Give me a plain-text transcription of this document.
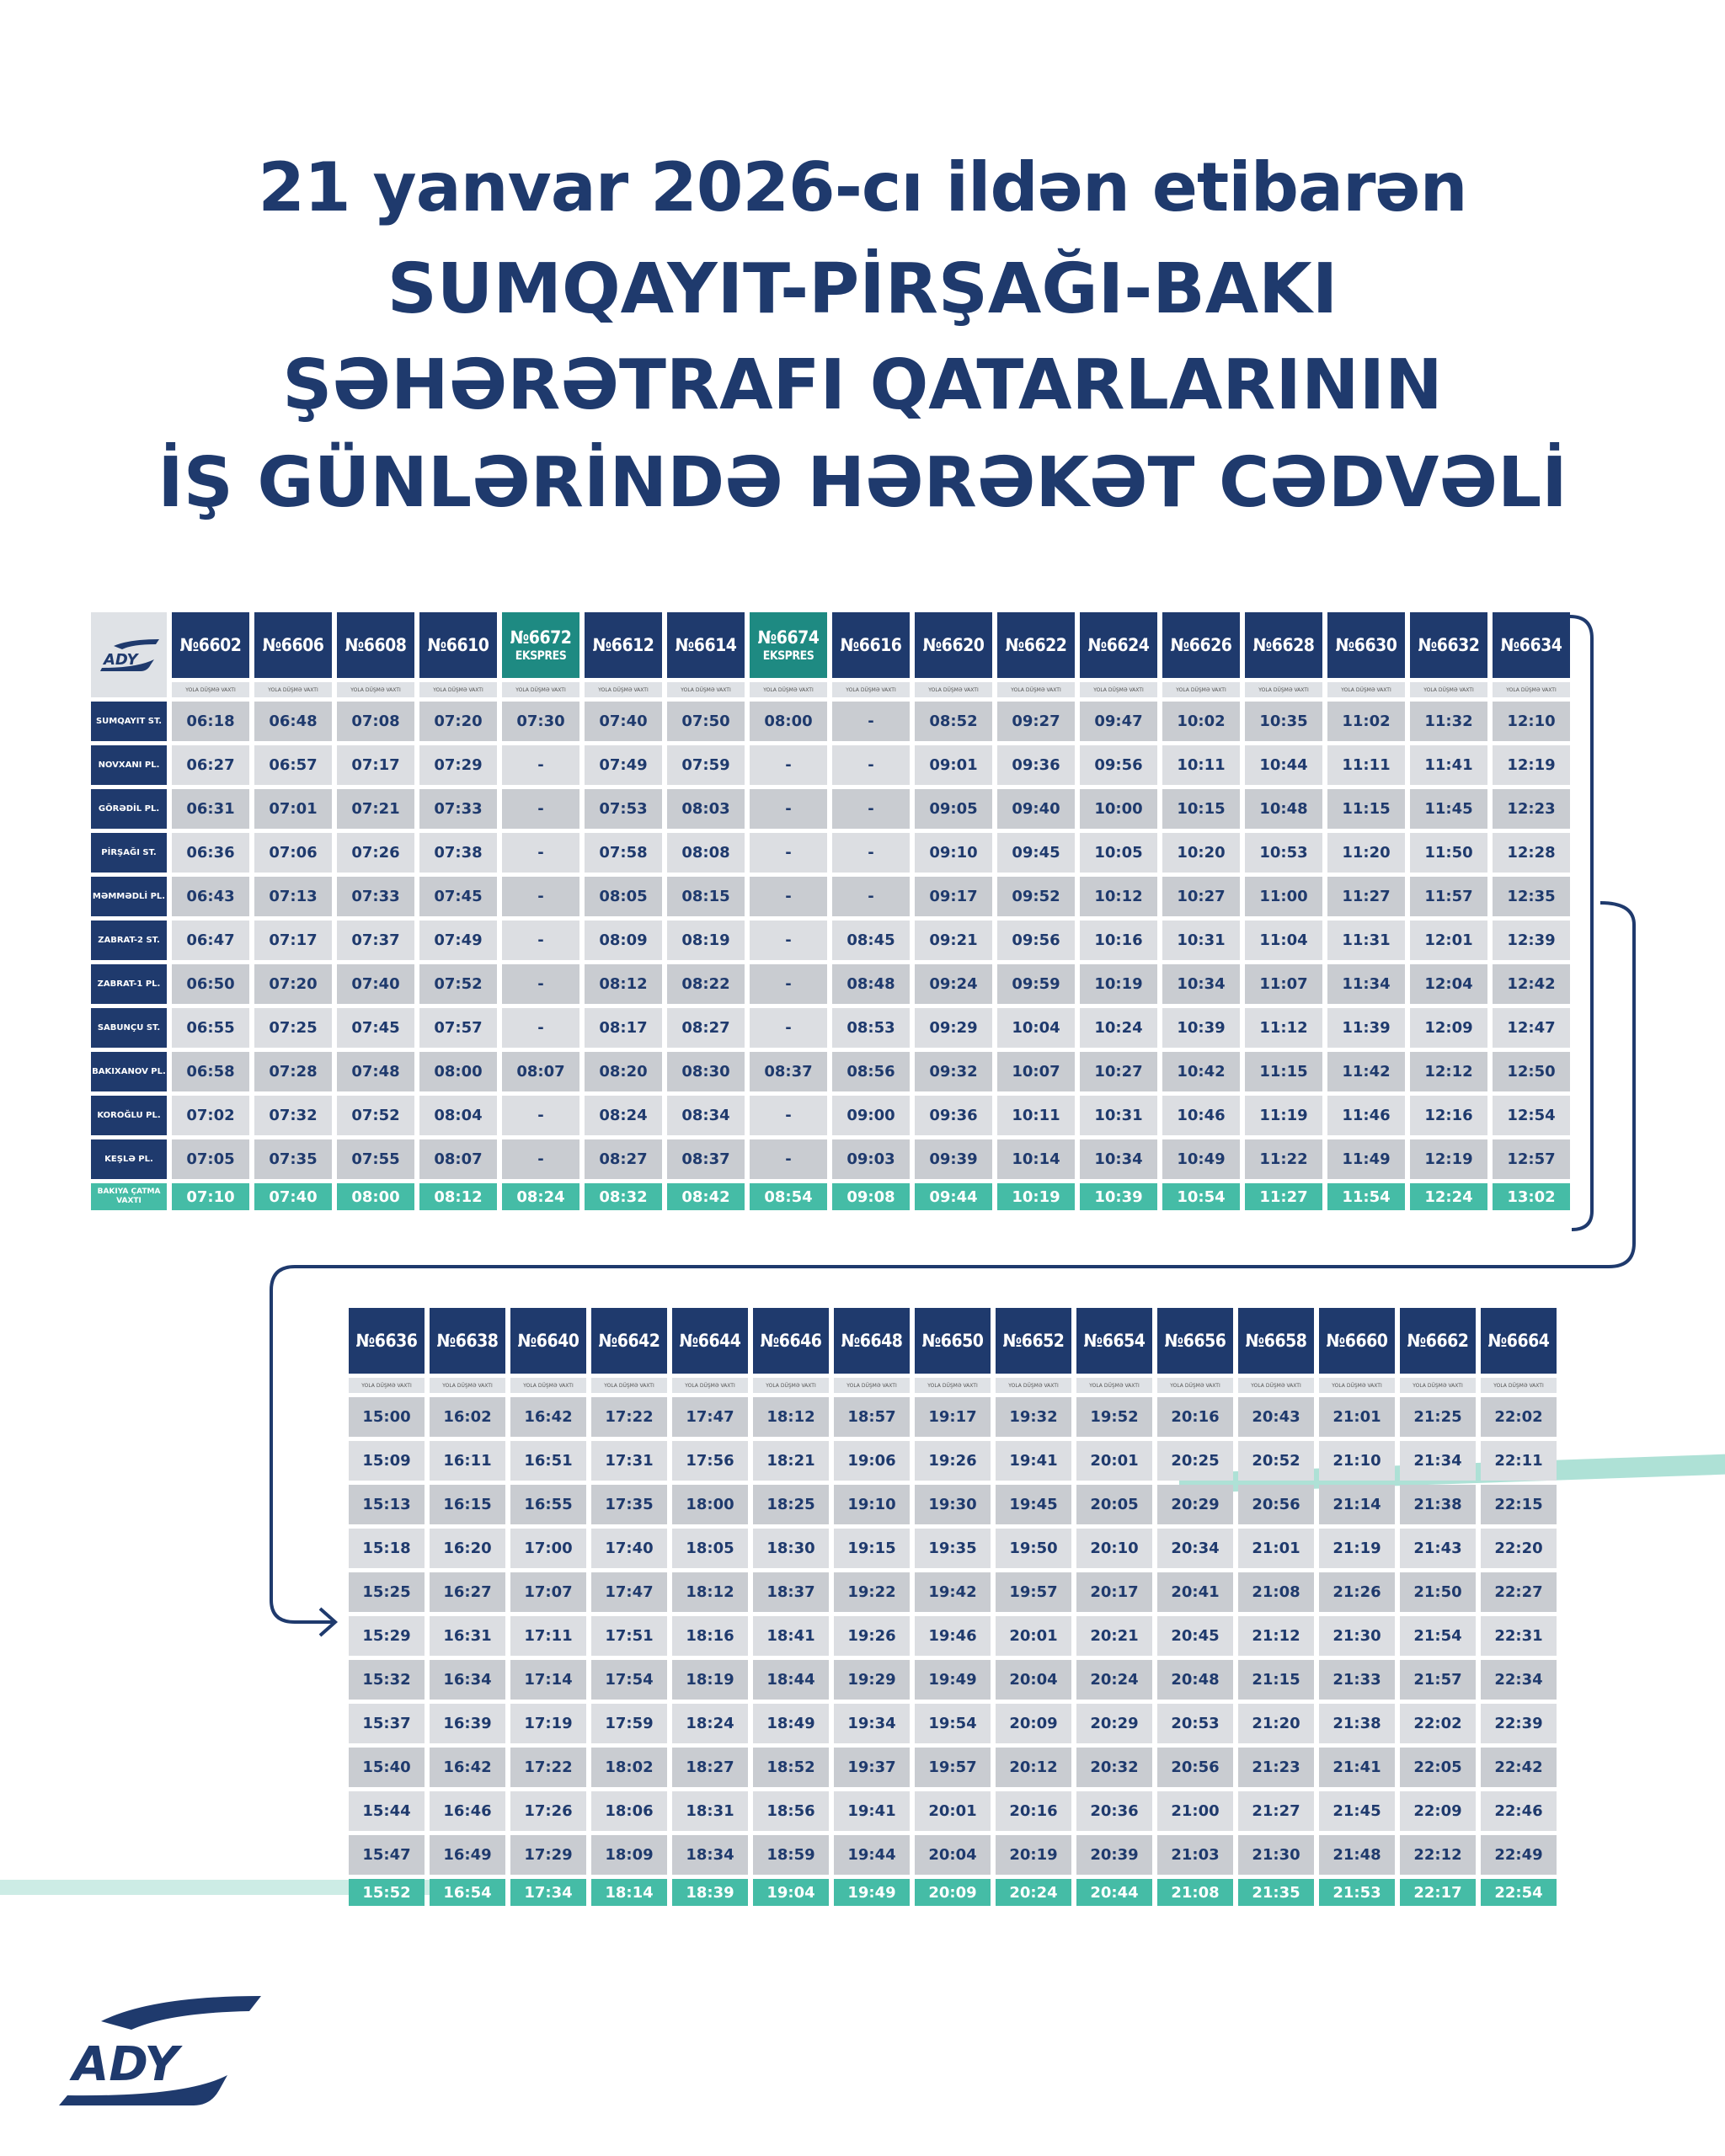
21 yanvar 2026-cı ildən etibarən
SUMQAYIT-PİRŞAĞI-BAKI
ŞƏHƏRƏTRAFI QATARLARININ
İŞ GÜNLƏRİNDƏ HƏRƏKƏT CƏDVƏLİ
ADY	№6602	№6606	№6608	№6610	№6672
EKSPRES	№6612	№6614	№6674
EKSPRES	№6616	№6620	№6622	№6624	№6626	№6628	№6630	№6632	№6634

	YOLA DÜŞMƏ VAXTI	YOLA DÜŞMƏ VAXTI	YOLA DÜŞMƏ VAXTI	YOLA DÜŞMƏ VAXTI	YOLA DÜŞMƏ VAXTI	YOLA DÜŞMƏ VAXTI	YOLA DÜŞMƏ VAXTI	YOLA DÜŞMƏ VAXTI	YOLA DÜŞMƏ VAXTI	YOLA DÜŞMƏ VAXTI	YOLA DÜŞMƏ VAXTI	YOLA DÜŞMƏ VAXTI	YOLA DÜŞMƏ VAXTI	YOLA DÜŞMƏ VAXTI	YOLA DÜŞMƏ VAXTI	YOLA DÜŞMƏ VAXTI	YOLA DÜŞMƏ VAXTI
SUMQAYIT ST.	06:18	06:48	07:08	07:20	07:30	07:40	07:50	08:00	-	08:52	09:27	09:47	10:02	10:35	11:02	11:32	12:10
NOVXANI PL.	06:27	06:57	07:17	07:29	-	07:49	07:59	-	-	09:01	09:36	09:56	10:11	10:44	11:11	11:41	12:19
GÖRƏDİL PL.	06:31	07:01	07:21	07:33	-	07:53	08:03	-	-	09:05	09:40	10:00	10:15	10:48	11:15	11:45	12:23
PİRŞAĞI ST.	06:36	07:06	07:26	07:38	-	07:58	08:08	-	-	09:10	09:45	10:05	10:20	10:53	11:20	11:50	12:28
MƏMMƏDLİ PL.	06:43	07:13	07:33	07:45	-	08:05	08:15	-	-	09:17	09:52	10:12	10:27	11:00	11:27	11:57	12:35
ZABRAT-2 ST.	06:47	07:17	07:37	07:49	-	08:09	08:19	-	08:45	09:21	09:56	10:16	10:31	11:04	11:31	12:01	12:39
ZABRAT-1 PL.	06:50	07:20	07:40	07:52	-	08:12	08:22	-	08:48	09:24	09:59	10:19	10:34	11:07	11:34	12:04	12:42
SABUNÇU ST.	06:55	07:25	07:45	07:57	-	08:17	08:27	-	08:53	09:29	10:04	10:24	10:39	11:12	11:39	12:09	12:47
BAKIXANOV PL.	06:58	07:28	07:48	08:00	08:07	08:20	08:30	08:37	08:56	09:32	10:07	10:27	10:42	11:15	11:42	12:12	12:50
KOROĞLU PL.	07:02	07:32	07:52	08:04	-	08:24	08:34	-	09:00	09:36	10:11	10:31	10:46	11:19	11:46	12:16	12:54
KEŞLƏ PL.	07:05	07:35	07:55	08:07	-	08:27	08:37	-	09:03	09:39	10:14	10:34	10:49	11:22	11:49	12:19	12:57
BAKIYA ÇATMA VAXTI	07:10	07:40	08:00	08:12	08:24	08:32	08:42	08:54	09:08	09:44	10:19	10:39	10:54	11:27	11:54	12:24	13:02
№6636	№6638	№6640	№6642	№6644	№6646	№6648	№6650	№6652	№6654	№6656	№6658	№6660	№6662	№6664

YOLA DÜŞMƏ VAXTI	YOLA DÜŞMƏ VAXTI	YOLA DÜŞMƏ VAXTI	YOLA DÜŞMƏ VAXTI	YOLA DÜŞMƏ VAXTI	YOLA DÜŞMƏ VAXTI	YOLA DÜŞMƏ VAXTI	YOLA DÜŞMƏ VAXTI	YOLA DÜŞMƏ VAXTI	YOLA DÜŞMƏ VAXTI	YOLA DÜŞMƏ VAXTI	YOLA DÜŞMƏ VAXTI	YOLA DÜŞMƏ VAXTI	YOLA DÜŞMƏ VAXTI	YOLA DÜŞMƏ VAXTI
15:00	16:02	16:42	17:22	17:47	18:12	18:57	19:17	19:32	19:52	20:16	20:43	21:01	21:25	22:02
15:09	16:11	16:51	17:31	17:56	18:21	19:06	19:26	19:41	20:01	20:25	20:52	21:10	21:34	22:11
15:13	16:15	16:55	17:35	18:00	18:25	19:10	19:30	19:45	20:05	20:29	20:56	21:14	21:38	22:15
15:18	16:20	17:00	17:40	18:05	18:30	19:15	19:35	19:50	20:10	20:34	21:01	21:19	21:43	22:20
15:25	16:27	17:07	17:47	18:12	18:37	19:22	19:42	19:57	20:17	20:41	21:08	21:26	21:50	22:27
15:29	16:31	17:11	17:51	18:16	18:41	19:26	19:46	20:01	20:21	20:45	21:12	21:30	21:54	22:31
15:32	16:34	17:14	17:54	18:19	18:44	19:29	19:49	20:04	20:24	20:48	21:15	21:33	21:57	22:34
15:37	16:39	17:19	17:59	18:24	18:49	19:34	19:54	20:09	20:29	20:53	21:20	21:38	22:02	22:39
15:40	16:42	17:22	18:02	18:27	18:52	19:37	19:57	20:12	20:32	20:56	21:23	21:41	22:05	22:42
15:44	16:46	17:26	18:06	18:31	18:56	19:41	20:01	20:16	20:36	21:00	21:27	21:45	22:09	22:46
15:47	16:49	17:29	18:09	18:34	18:59	19:44	20:04	20:19	20:39	21:03	21:30	21:48	22:12	22:49
15:52	16:54	17:34	18:14	18:39	19:04	19:49	20:09	20:24	20:44	21:08	21:35	21:53	22:17	22:54
ADY
